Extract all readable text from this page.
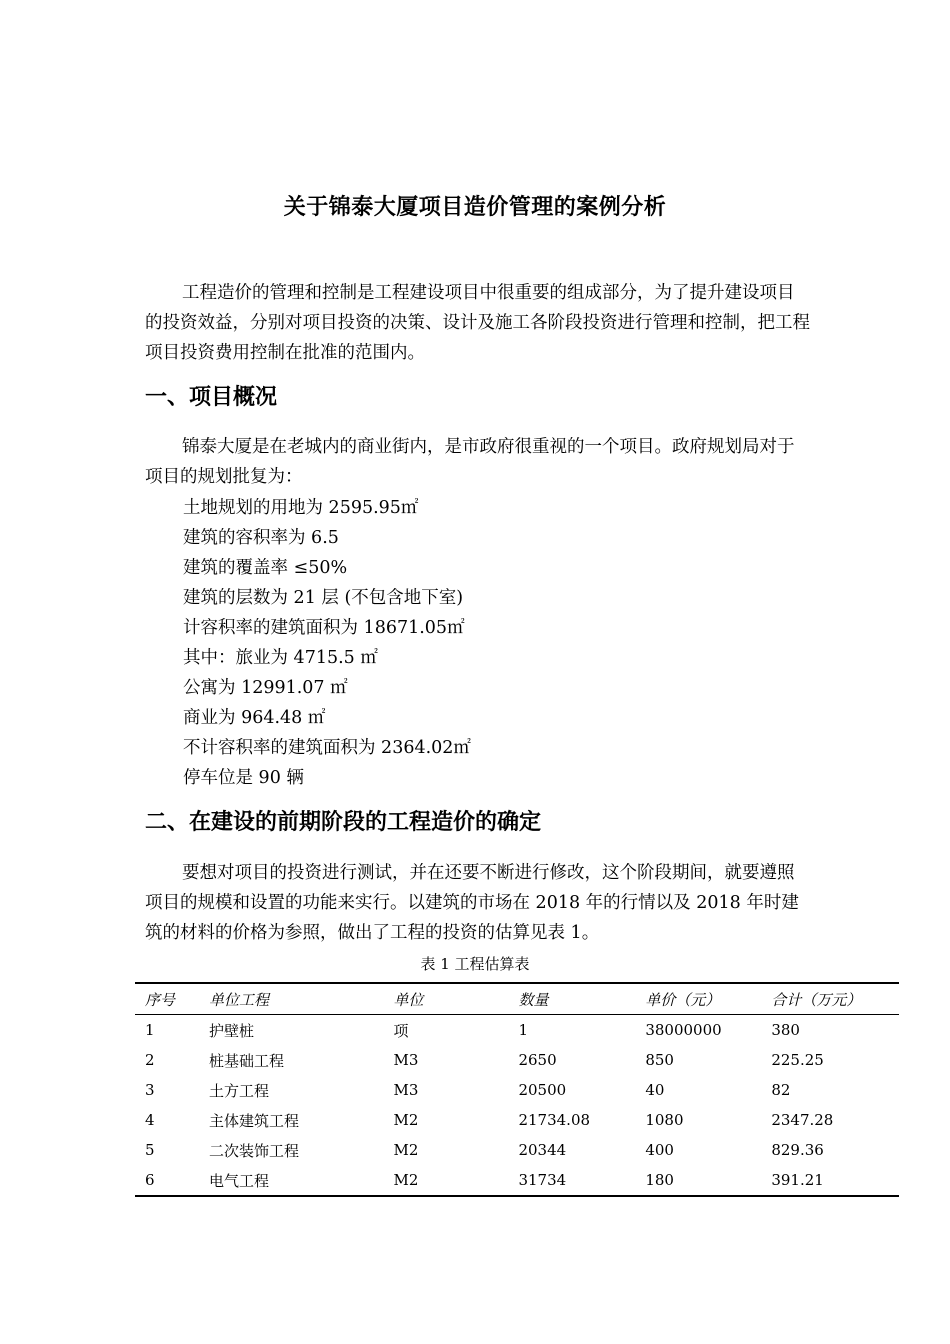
关于锦泰大厦项目造价管理的案例分析

工程造价的管理和控制是工程建设项目中很重要的组成部分，为了提升建设项目的投资效益，分别对项目投资的决策、设计及施工各阶段投资进行管理和控制，把工程项目投资费用控制在批准的范围内。

一、项目概况

锦泰大厦是在老城内的商业街内，是市政府很重视的一个项目。政府规划局对于项目的规划批复为：

土地规划的用地为 2595.95㎡
建筑的容积率为 6.5
建筑的覆盖率 ≤50%
建筑的层数为 21 层 (不包含地下室)
计容积率的建筑面积为 18671.05㎡
其中：旅业为 4715.5 ㎡
公寓为 12991.07 ㎡
商业为 964.48 ㎡
不计容积率的建筑面积为 2364.02㎡
停车位是 90 辆
二、在建设的前期阶段的工程造价的确定

要想对项目的投资进行测试，并在还要不断进行修改，这个阶段期间，就要遵照项目的规模和设置的功能来实行。以建筑的市场在 2018 年的行情以及 2018 年时建筑的材料的价格为参照，做出了工程的投资的估算见表 1。

表 1 工程估算表
序号	单位工程	单位	数量	单价（元）	合计（万元）
1	护壁桩	项	1	38000000	380
2	桩基础工程	M3	2650	850	225.25
3	土方工程	M3	20500	40	82
4	主体建筑工程	M2	21734.08	1080	2347.28
5	二次装饰工程	M2	20344	400	829.36
6	电气工程	M2	31734	180	391.21
